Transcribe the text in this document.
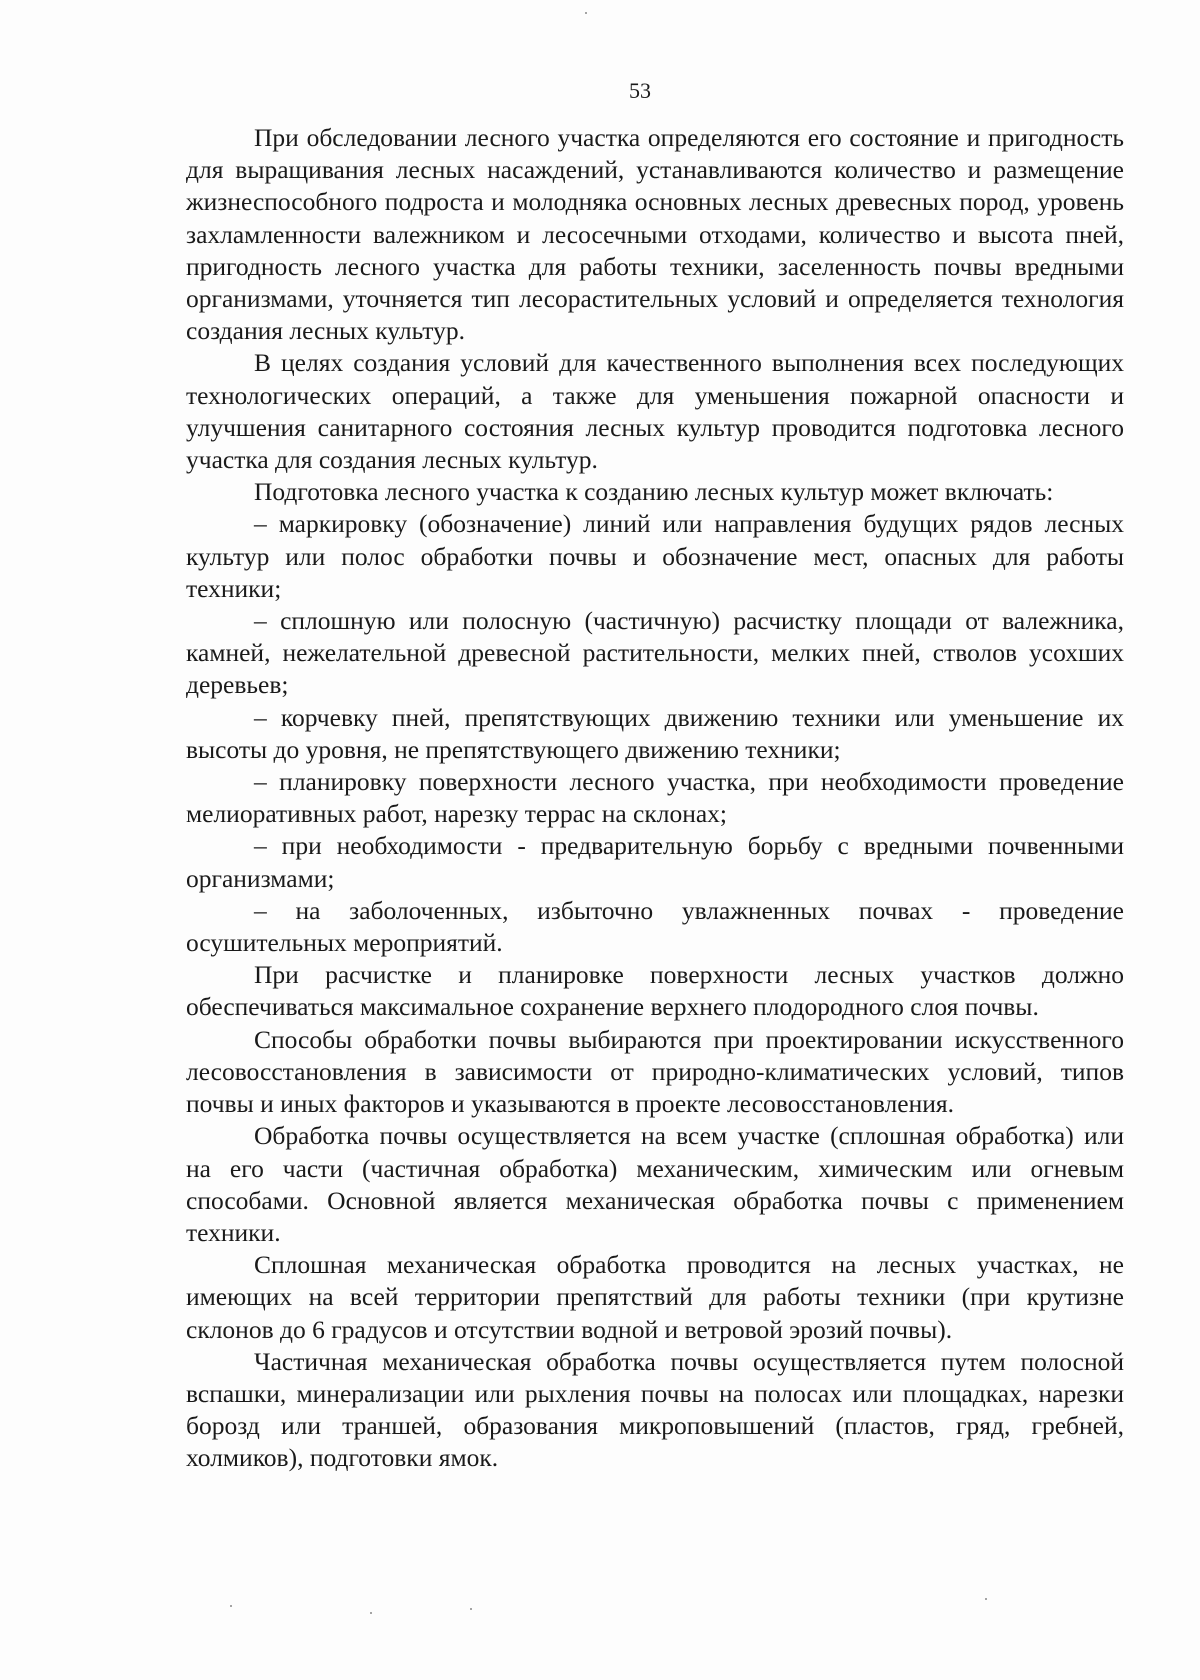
53

При обследовании лесного участка определяются его состояние и пригодность для выращивания лесных насаждений, устанавливаются количество и размещение жизнеспособного подроста и молодняка основных лесных древесных пород, уровень захламленности валежником и лесосечными отходами, количество и высота пней, пригодность лесного участка для работы техники, заселенность почвы вредными организмами, уточняется тип лесорастительных условий и определяется технология создания лесных культур.

В целях создания условий для качественного выполнения всех последующих технологических операций, а также для уменьшения пожарной опасности и улучшения санитарного состояния лесных культур проводится подготовка лесного участка для создания лесных культур.

Подготовка лесного участка к созданию лесных культур может включать:

– маркировку (обозначение) линий или направления будущих рядов лесных культур или полос обработки почвы и обозначение мест, опасных для работы техники;

– сплошную или полосную (частичную) расчистку площади от валежника, камней, нежелательной древесной растительности, мелких пней, стволов усохших деревьев;

– корчевку пней, препятствующих движению техники или уменьшение их высоты до уровня, не препятствующего движению техники;

– планировку поверхности лесного участка, при необходимости проведение мелиоративных работ, нарезку террас на склонах;

– при необходимости - предварительную борьбу с вредными почвенными организмами;

– на заболоченных, избыточно увлажненных почвах - проведение осушительных мероприятий.

При расчистке и планировке поверхности лесных участков должно обеспечиваться максимальное сохранение верхнего плодородного слоя почвы.

Способы обработки почвы выбираются при проектировании искусственного лесовосстановления в зависимости от природно-климатических условий, типов почвы и иных факторов и указываются в проекте лесовосстановления.

Обработка почвы осуществляется на всем участке (сплошная обработка) или на его части (частичная обработка) механическим, химическим или огневым способами. Основной является механическая обработка почвы с применением техники.

Сплошная механическая обработка проводится на лесных участках, не имеющих на всей территории препятствий для работы техники (при крутизне склонов до 6 градусов и отсутствии водной и ветровой эрозий почвы).

Частичная механическая обработка почвы осуществляется путем полосной вспашки, минерализации или рыхления почвы на полосах или площадках, нарезки борозд или траншей, образования микроповышений (пластов, гряд, гребней, холмиков), подготовки ямок.
